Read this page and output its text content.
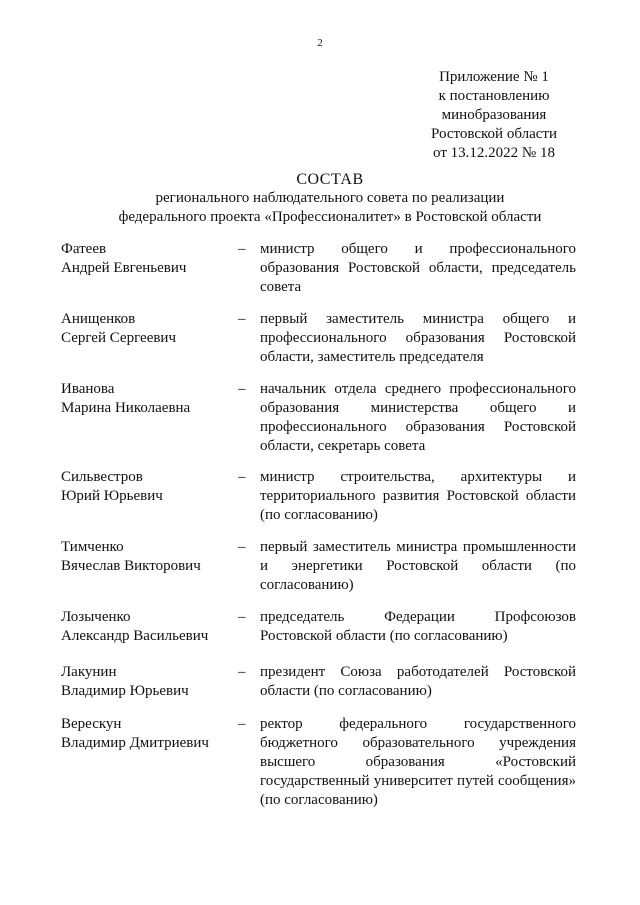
2
Приложение № 1
к постановлению
минобразования
Ростовской области
от 13.12.2022 № 18
СОСТАВ
регионального наблюдательного совета по реализации
федерального проекта «Профессионалитет» в Ростовской области
Фатеев
Андрей Евгеньевич
– министр общего и профессионального образования Ростовской области, председатель совета
Анищенков
Сергей Сергеевич
– первый заместитель министра общего и профессионального образования Ростовской области, заместитель председателя
Иванова
Марина Николаевна
– начальник отдела среднего профессионального образования министерства общего и профессионального образования Ростовской области, секретарь совета
Сильвестров
Юрий Юрьевич
– министр строительства, архитектуры и территориального развития Ростовской области (по согласованию)
Тимченко
Вячеслав Викторович
– первый заместитель министра промышленности и энергетики Ростовской области (по согласованию)
Лозыченко
Александр Васильевич
– председатель Федерации Профсоюзов Ростовской области (по согласованию)
Лакунин
Владимир Юрьевич
– президент Союза работодателей Ростовской области (по согласованию)
Верескун
Владимир Дмитриевич
– ректор федерального государственного бюджетного образовательного учреждения высшего образования «Ростовский государственный университет путей сообщения» (по согласованию)
